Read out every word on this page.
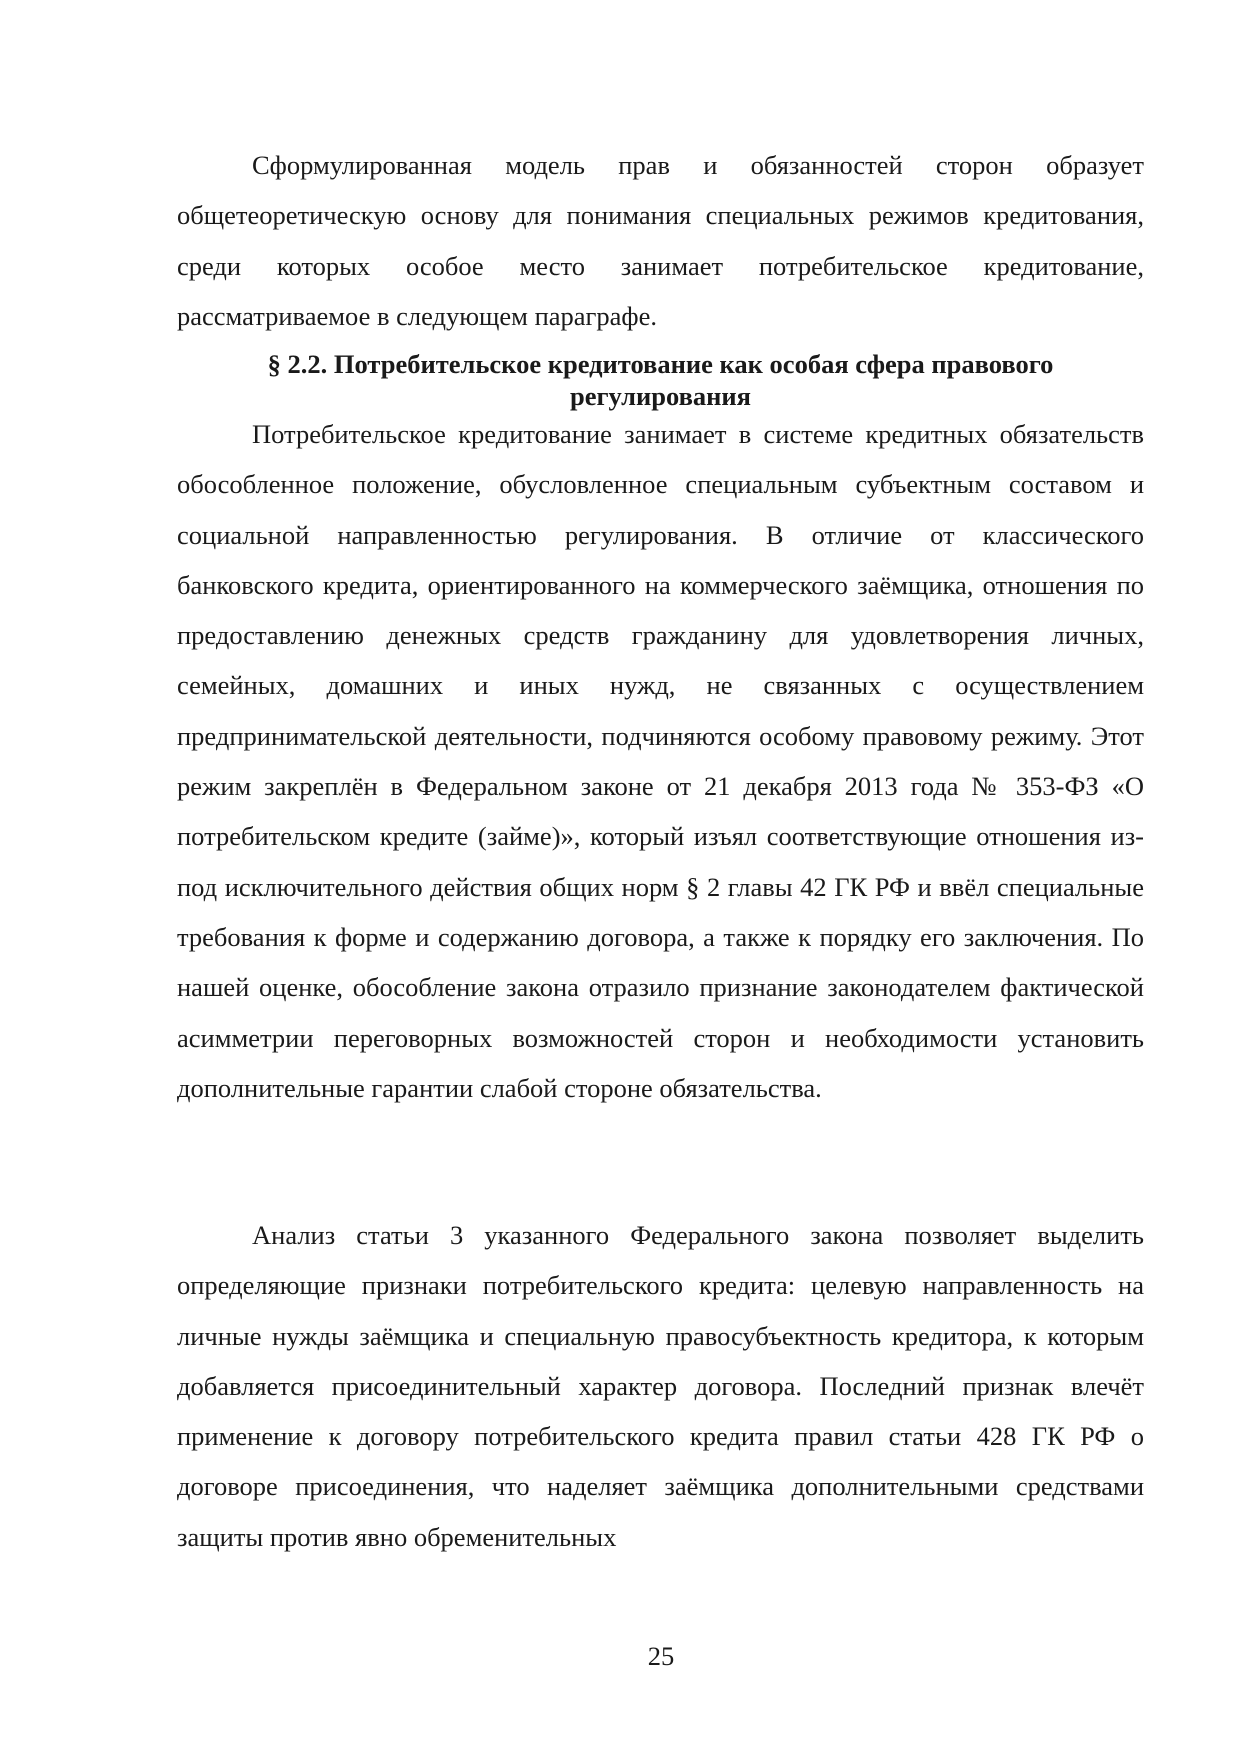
Сформулированная модель прав и обязанностей сторон образует общетеоретическую основу для понимания специальных режимов кредитования, среди которых особое место занимает потребительское кредитование, рассматриваемое в следующем параграфе.

§ 2.2. Потребительское кредитование как особая сфера правового регулирования

Потребительское кредитование занимает в системе кредитных обязательств обособленное положение, обусловленное специальным субъектным составом и социальной направленностью регулирования. В отличие от классического банковского кредита, ориентированного на коммерческого заёмщика, отношения по предоставлению денежных средств гражданину для удовлетворения личных, семейных, домашних и иных нужд, не связанных с осуществлением предпринимательской деятельности, подчиняются особому правовому режиму. Этот режим закреплён в Федеральном законе от 21 декабря 2013 года № 353-ФЗ «О потребительском кредите (займе)», который изъял соответствующие отношения из-под исключительного действия общих норм § 2 главы 42 ГК РФ и ввёл специальные требования к форме и содержанию договора, а также к порядку его заключения. По нашей оценке, обособление закона отразило признание законодателем фактической асимметрии переговорных возможностей сторон и необходимости установить дополнительные гарантии слабой стороне обязательства.

Анализ статьи 3 указанного Федерального закона позволяет выделить определяющие признаки потребительского кредита: целевую направленность на личные нужды заёмщика и специальную правосубъектность кредитора, к которым добавляется присоединительный характер договора. Последний признак влечёт применение к договору потребительского кредита правил статьи 428 ГК РФ о договоре присоединения, что наделяет заёмщика дополнительными средствами защиты против явно обременительных

25
